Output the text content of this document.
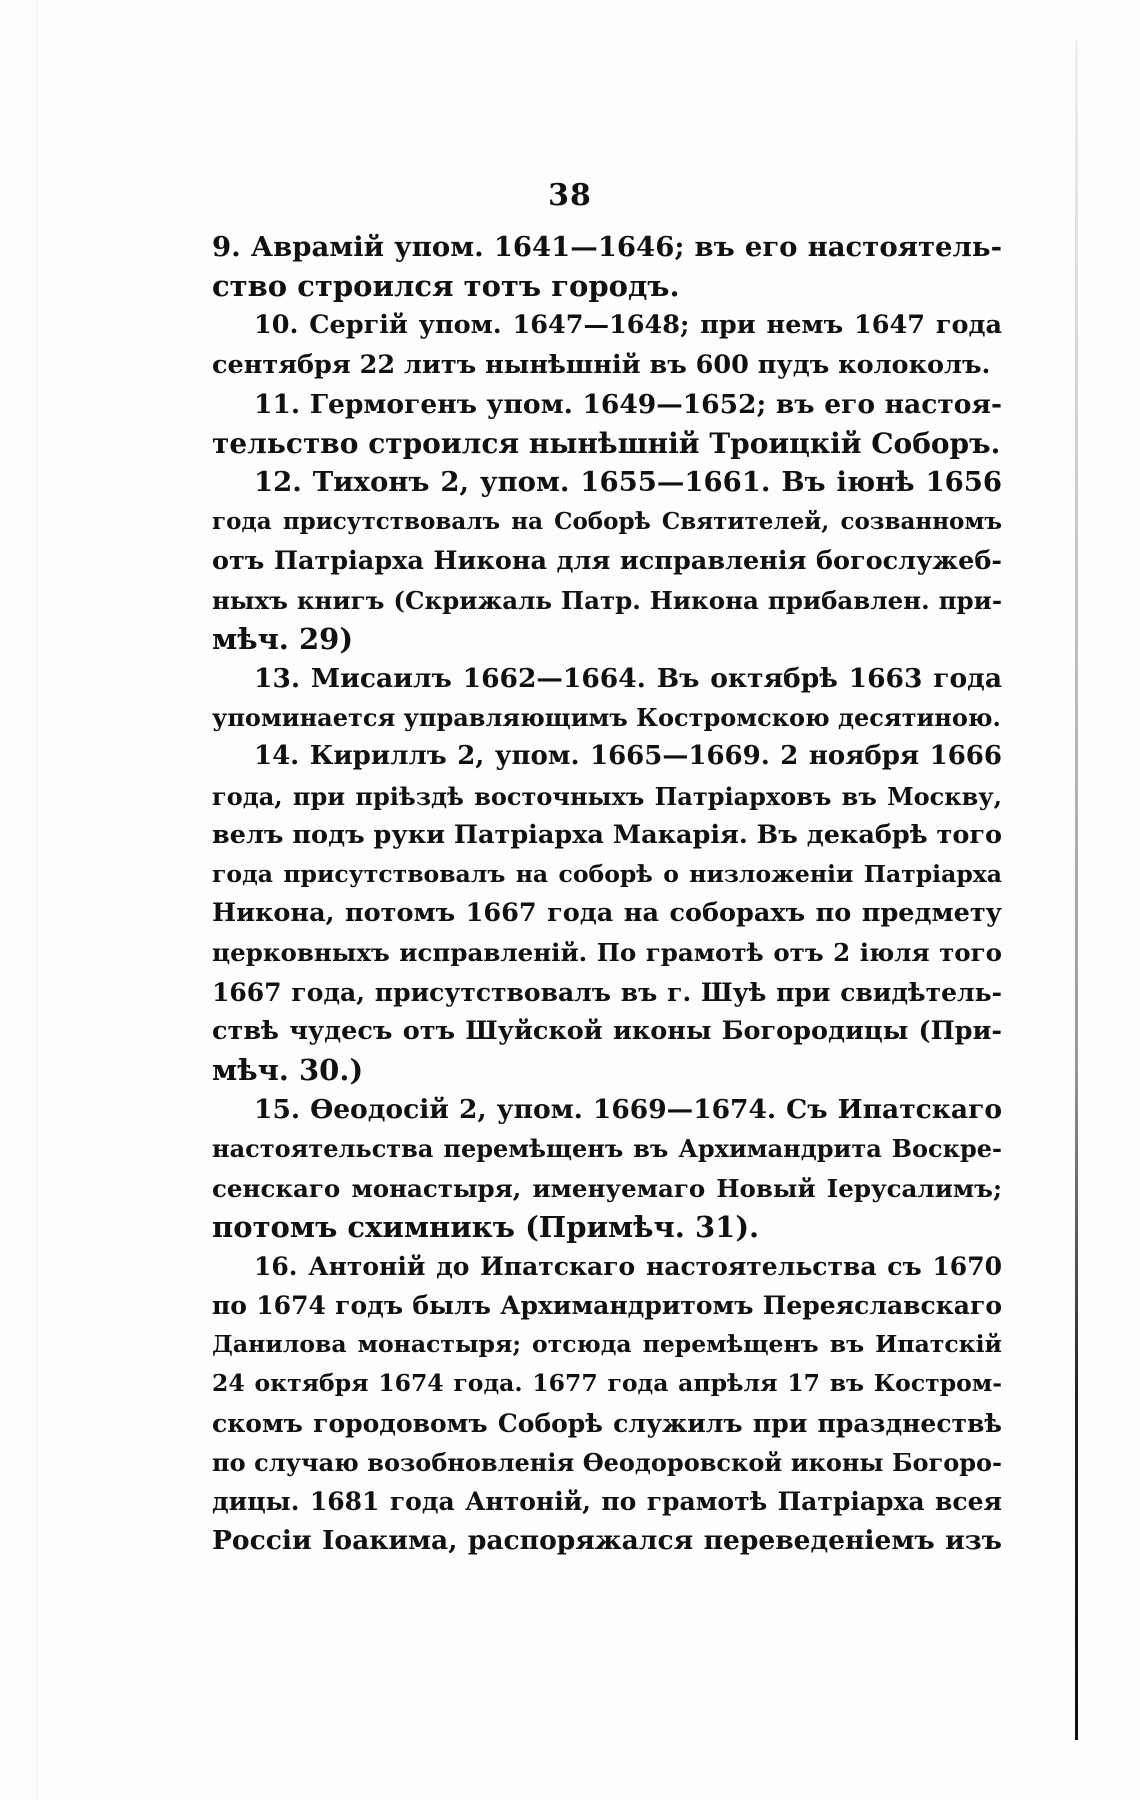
38
9. Аврамій упом. 1641—1646; въ его настоятель-
ство строился тотъ городъ.
10. Сергій упом. 1647—1648; при немъ 1647 года
сентября 22 литъ нынѣшній въ 600 пудъ колоколъ.
11. Гермогенъ упом. 1649—1652; въ его настоя-
тельство строился нынѣшній Троицкій Соборъ.
12. Тихонъ 2, упом. 1655—1661. Въ іюнѣ 1656
года присутствовалъ на Соборѣ Святителей, созванномъ
отъ Патріарха Никона для исправленія богослужеб-
ныхъ книгъ (Скрижаль Патр. Никона прибавлен. при-
мѣч. 29)
13. Мисаилъ 1662—1664. Въ октябрѣ 1663 года
упоминается управляющимъ Костромскою десятиною.
14. Кириллъ 2, упом. 1665—1669. 2 ноября 1666
года, при пріѣздѣ восточныхъ Патріарховъ въ Москву,
велъ подъ руки Патріарха Макарія. Въ декабрѣ того
года присутствовалъ на соборѣ о низложеніи Патріарха
Никона, потомъ 1667 года на соборахъ по предмету
церковныхъ исправленій. По грамотѣ отъ 2 іюля того
1667 года, присутствовалъ въ г. Шуѣ при свидѣтель-
ствѣ чудесъ отъ Шуйской иконы Богородицы (При-
мѣч. 30.)
15. Ѳеодосій 2, упом. 1669—1674. Съ Ипатскаго
настоятельства перемѣщенъ въ Архимандрита Воскре-
сенскаго монастыря, именуемаго Новый Іерусалимъ;
потомъ схимникъ (Примѣч. 31).
16. Антоній до Ипатскаго настоятельства съ 1670
по 1674 годъ былъ Архимандритомъ Переяславскаго
Данилова монастыря; отсюда перемѣщенъ въ Ипатскій
24 октября 1674 года. 1677 года апрѣля 17 въ Костром-
скомъ городовомъ Соборѣ служилъ при празднествѣ
по случаю возобновленія Ѳеодоровской иконы Богоро-
дицы. 1681 года Антоній, по грамотѣ Патріарха всея
Россіи Іоакима, распоряжался переведеніемъ изъ
